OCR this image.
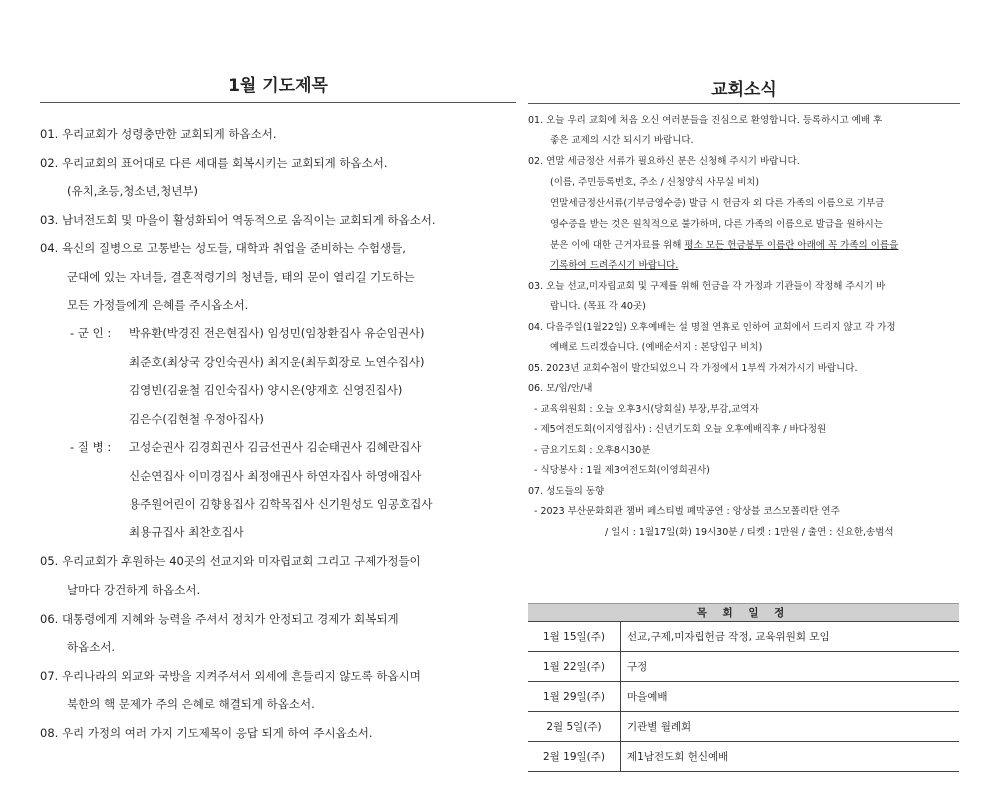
1월 기도제목
01. 우리교회가 성령충만한 교회되게 하옵소서.
02. 우리교회의 표어대로 다른 세대를 회복시키는 교회되게 하옵소서.
(유치,초등,청소년,청년부)
03. 남녀전도회 및 마을이 활성화되어 역동적으로 움직이는 교회되게 하옵소서.
04. 육신의 질병으로 고통받는 성도들, 대학과 취업을 준비하는 수험생들,
군대에 있는 자녀들, 결혼적령기의 청년들, 태의 문이 열리길 기도하는
모든 가정들에게 은혜를 주시옵소서.
- 군 인 : 박유환(박경진 전은현집사) 임성민(임창환집사 유순임권사)
최준호(최상국 강인숙권사) 최지운(최두회장로 노연수집사)
김영빈(김윤철 김인숙집사) 양시온(양재호 신영진집사)
김은수(김현철 우정아집사)
- 질 병 : 고성순권사 김경희권사 김금선권사 김순태권사 김혜란집사
신순연집사 이미경집사 최정애권사 하연자집사 하영애집사
용주원어린이 김향용집사 김학목집사 신기원성도 임공호집사
최용규집사 최찬호집사
05. 우리교회가 후원하는 40곳의 선교지와 미자립교회 그리고 구제가정들이
날마다 강건하게 하옵소서.
06. 대통령에게 지혜와 능력을 주셔서 정치가 안정되고 경제가 회복되게
하옵소서.
07. 우리나라의 외교와 국방을 지켜주셔서 외세에 흔들리지 않도록 하옵시며
북한의 핵 문제가 주의 은혜로 해결되게 하옵소서.
08. 우리 가정의 여러 가지 기도제목이 응답 되게 하여 주시옵소서.
교회소식
01. 오늘 우리 교회에 처음 오신 여러분들을 진심으로 환영합니다. 등록하시고 예배 후
좋은 교제의 시간 되시기 바랍니다.
02. 연말 세금정산 서류가 필요하신 분은 신청해 주시기 바랍니다.
(이름, 주민등록번호, 주소 / 신청양식 사무실 비치)
연말세금정산서류(기부금영수증) 발급 시 헌금자 외 다른 가족의 이름으로 기부금
영수증을 받는 것은 원칙적으로 불가하며, 다른 가족의 이름으로 발급을 원하시는
분은 이에 대한 근거자료를 위해 평소 모든 헌금봉투 이름란 아래에 꼭 가족의 이름을
기록하여 드려주시기 바랍니다.
03. 오늘 선교,미자립교회 및 구제를 위해 헌금을 각 가정과 기관들이 작정해 주시기 바
랍니다. (목표 각 40곳)
04. 다음주일(1월22일) 오후예배는 설 명절 연휴로 인하여 교회에서 드리지 않고 각 가정
예배로 드리겠습니다. (예배순서지 : 본당입구 비치)
05. 2023년 교회수첩이 발간되었으니 각 가정에서 1부씩 가져가시기 바랍니다.
06. 모/임/안/내
- 교육위원회 : 오늘 오후3시(당회실) 부장,부감,교역자
- 제5여전도회(이지영집사) : 신년기도회 오늘 오후예배직후 / 바다정원
- 금요기도회 : 오후8시30분
- 식당봉사 : 1월 제3여전도회(이영희권사)
07. 성도들의 동향
- 2023 부산문화회관 챔버 페스티벌 폐막공연 : 앙상블 코스모폴리탄 연주
/ 일시 : 1월17일(화) 19시30분 / 티켓 : 1만원 / 출연 : 신요한,송범석
목 회 일 정	
1월 15일(주)	선교,구제,미자립헌금 작정, 교육위원회 모임
1월 22일(주)	구정
1월 29일(주)	마을예배
2월 5일(주)	기관별 월례회
2월 19일(주)	제1남전도회 헌신예배
